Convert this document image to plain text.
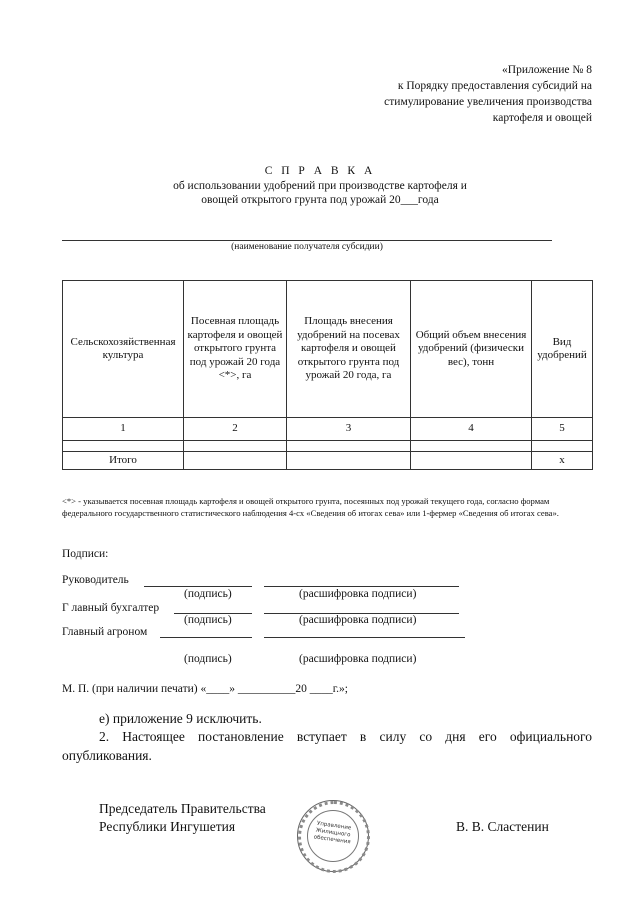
«Приложение № 8
к Порядку предоставления субсидий на
стимулирование увеличения производства
картофеля и овощей
С П Р А В К А
об использовании удобрений при производстве картофеля и
овощей открытого грунта под урожай 20___года
(наименование получателя субсидии)
Сельскохозяйственная культура	Посевная площадь картофеля и овощей открытого грунта под урожай 20 года <*>, га	Площадь внесения удобрений на посевах картофеля и овощей открытого грунта под урожай 20 года, га	Общий объем внесения удобрений (физически вес), тонн	Вид удобрений
1	2	3	4	5

Итого				х
<*> - указывается посевная площадь картофеля и овощей открытого грунта, посеянных под урожай текущего года, согласно формам федерального государственного статистического наблюдения 4-сх «Сведения об итогах сева» или 1-фермер «Сведения об итогах сева».
Подписи:
Руководитель
(подпись)	(расшифровка подписи)
Г лавный бухгалтер
(подпись)	(расшифровка подписи)
Главный агроном
(подпись)	(расшифровка подписи)
М. П. (при наличии печати) «____» __________20 ____г.»;
е) приложение 9 исключить.
2. Настоящее постановление вступает в силу со дня его официального опубликования.
Председатель Правительства
Республики Ингушетия	В. В. Сластенин
Управление Жилищного обеспечения
